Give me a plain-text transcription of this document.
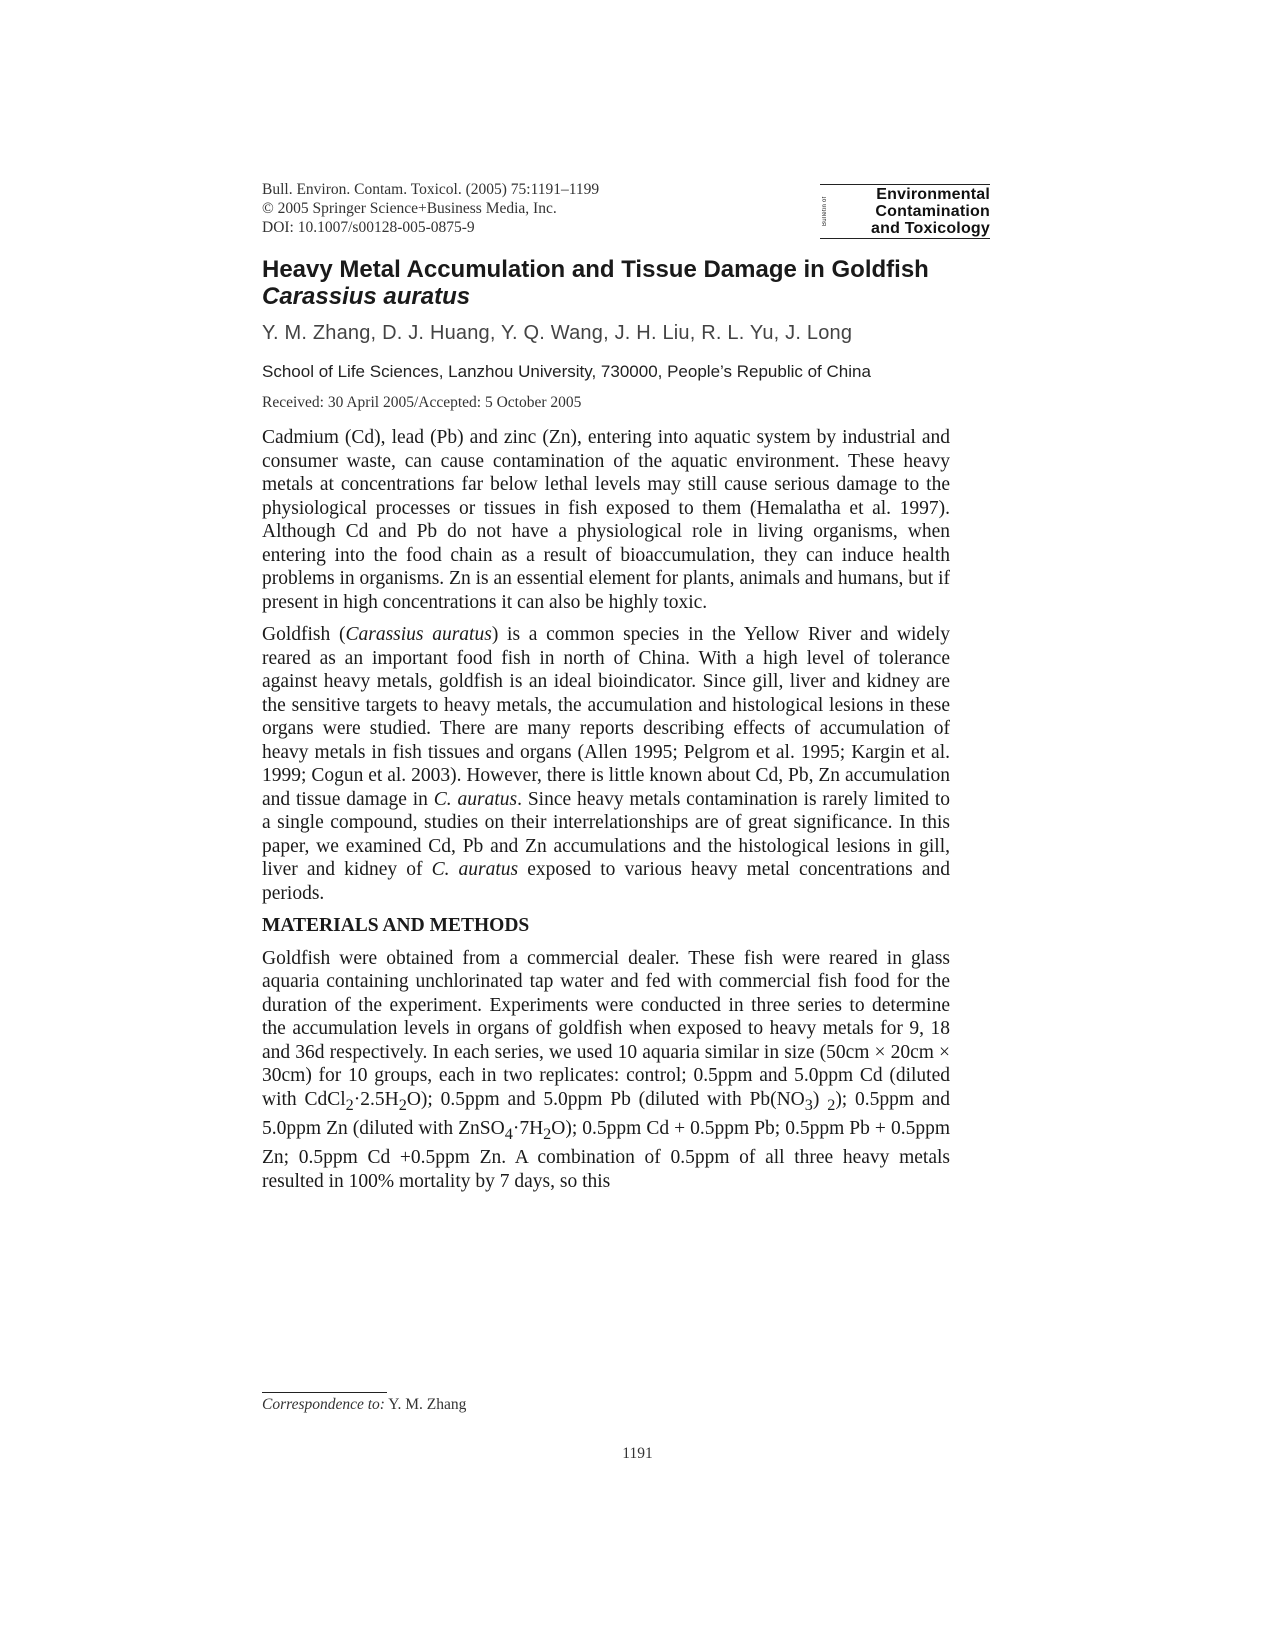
Bull. Environ. Contam. Toxicol. (2005) 75:1191–1199
© 2005 Springer Science+Business Media, Inc.
DOI: 10.1007/s00128-005-0875-9
Bulletin of
Environmental
Contamination
and Toxicology
Heavy Metal Accumulation and Tissue Damage in Goldfish
Carassius auratus
Y. M. Zhang, D. J. Huang, Y. Q. Wang, J. H. Liu, R. L. Yu, J. Long
School of Life Sciences, Lanzhou University, 730000, People’s Republic of China
Received: 30 April 2005/Accepted: 5 October 2005

Cadmium (Cd), lead (Pb) and zinc (Zn), entering into aquatic system by industrial and consumer waste, can cause contamination of the aquatic environment. These heavy metals at concentrations far below lethal levels may still cause serious damage to the physiological processes or tissues in fish exposed to them (Hemalatha et al. 1997). Although Cd and Pb do not have a physiological role in living organisms, when entering into the food chain as a result of bioaccumulation, they can induce health problems in organisms. Zn is an essential element for plants, animals and humans, but if present in high concentrations it can also be highly toxic.

Goldfish (Carassius auratus) is a common species in the Yellow River and widely reared as an important food fish in north of China. With a high level of tolerance against heavy metals, goldfish is an ideal bioindicator. Since gill, liver and kidney are the sensitive targets to heavy metals, the accumulation and histological lesions in these organs were studied. There are many reports describing effects of accumulation of heavy metals in fish tissues and organs (Allen 1995; Pelgrom et al. 1995; Kargin et al. 1999; Cogun et al. 2003). However, there is little known about Cd, Pb, Zn accumulation and tissue damage in C. auratus. Since heavy metals contamination is rarely limited to a single compound, studies on their interrelationships are of great significance. In this paper, we examined Cd, Pb and Zn accumulations and the histological lesions in gill, liver and kidney of C. auratus exposed to various heavy metal concentrations and periods.

MATERIALS AND METHODS

Goldfish were obtained from a commercial dealer. These fish were reared in glass aquaria containing unchlorinated tap water and fed with commercial fish food for the duration of the experiment. Experiments were conducted in three series to determine the accumulation levels in organs of goldfish when exposed to heavy metals for 9, 18 and 36d respectively. In each series, we used 10 aquaria similar in size (50cm × 20cm × 30cm) for 10 groups, each in two replicates: control; 0.5ppm and 5.0ppm Cd (diluted with $CdCl_2\cdot 2.5H_2O$); 0.5ppm and 5.0ppm Pb (diluted with $Pb(NO_3)$ $_2$); 0.5ppm and 5.0ppm Zn (diluted with $ZnSO_4\cdot 7H_2O$); 0.5ppm Cd + 0.5ppm Pb; 0.5ppm Pb + 0.5ppm Zn; 0.5ppm Cd +0.5ppm Zn. A combination of 0.5ppm of all three heavy metals resulted in 100% mortality by 7 days, so this

Correspondence to: Y. M. Zhang
1191
